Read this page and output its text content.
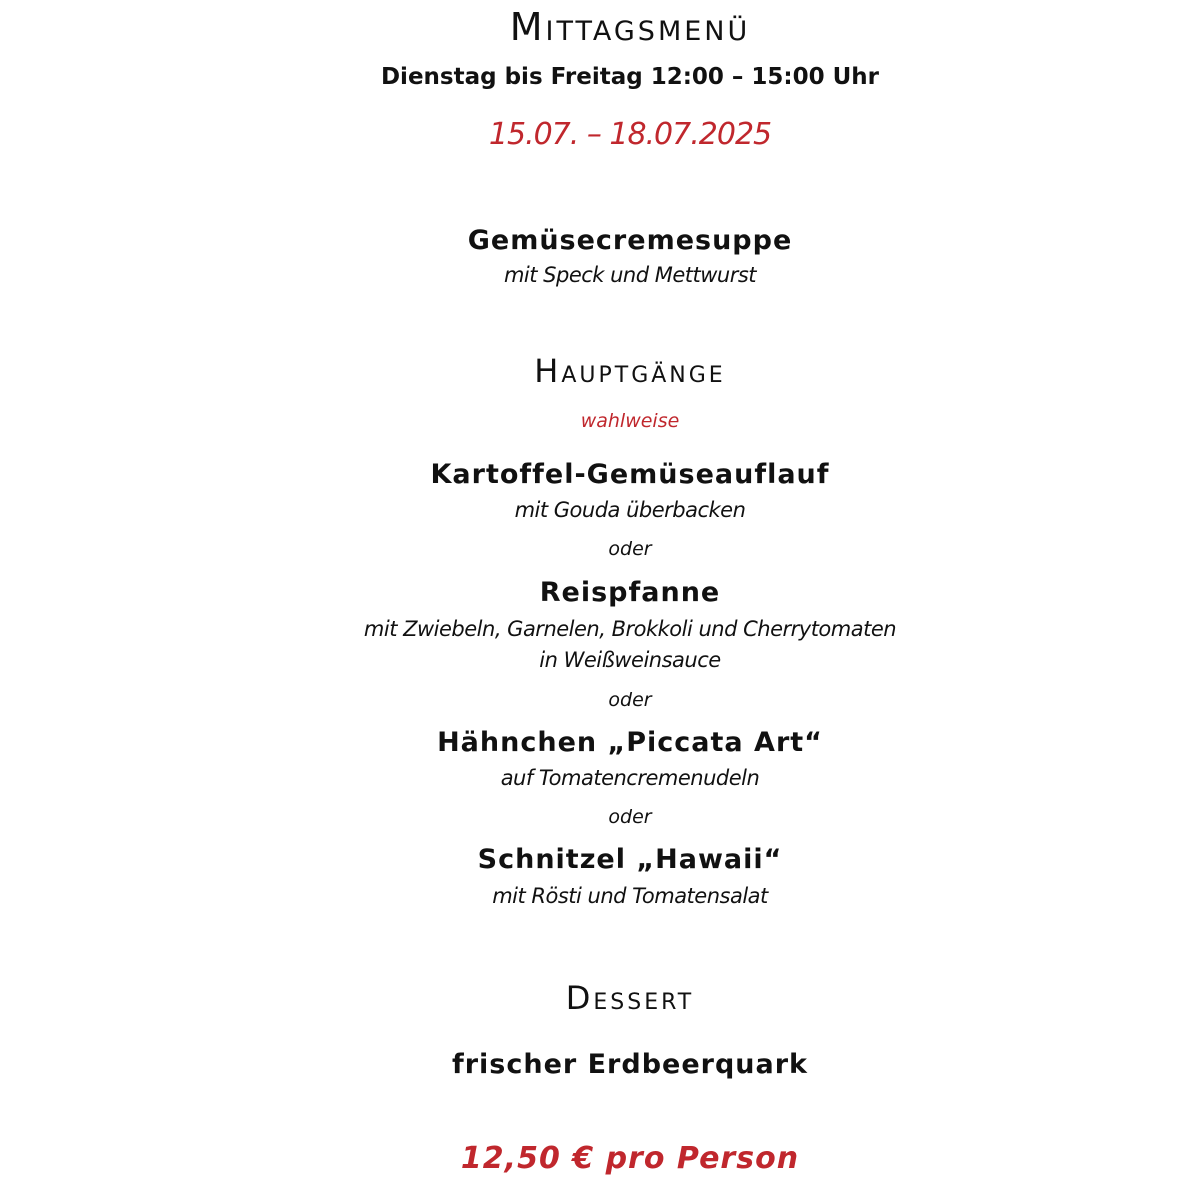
Mittagsmenü
Dienstag bis Freitag 12:00 – 15:00 Uhr
15.07. – 18.07.2025
Gemüsecremesuppe
mit Speck und Mettwurst
Hauptgänge
wahlweise
Kartoffel-Gemüseauflauf
mit Gouda überbacken
oder
Reispfanne
mit Zwiebeln, Garnelen, Brokkoli und Cherrytomaten
in Weißweinsauce
oder
Hähnchen „Piccata Art“
auf Tomatencremenudeln
oder
Schnitzel „Hawaii“
mit Rösti und Tomatensalat
Dessert
frischer Erdbeerquark
12,50 € pro Person
